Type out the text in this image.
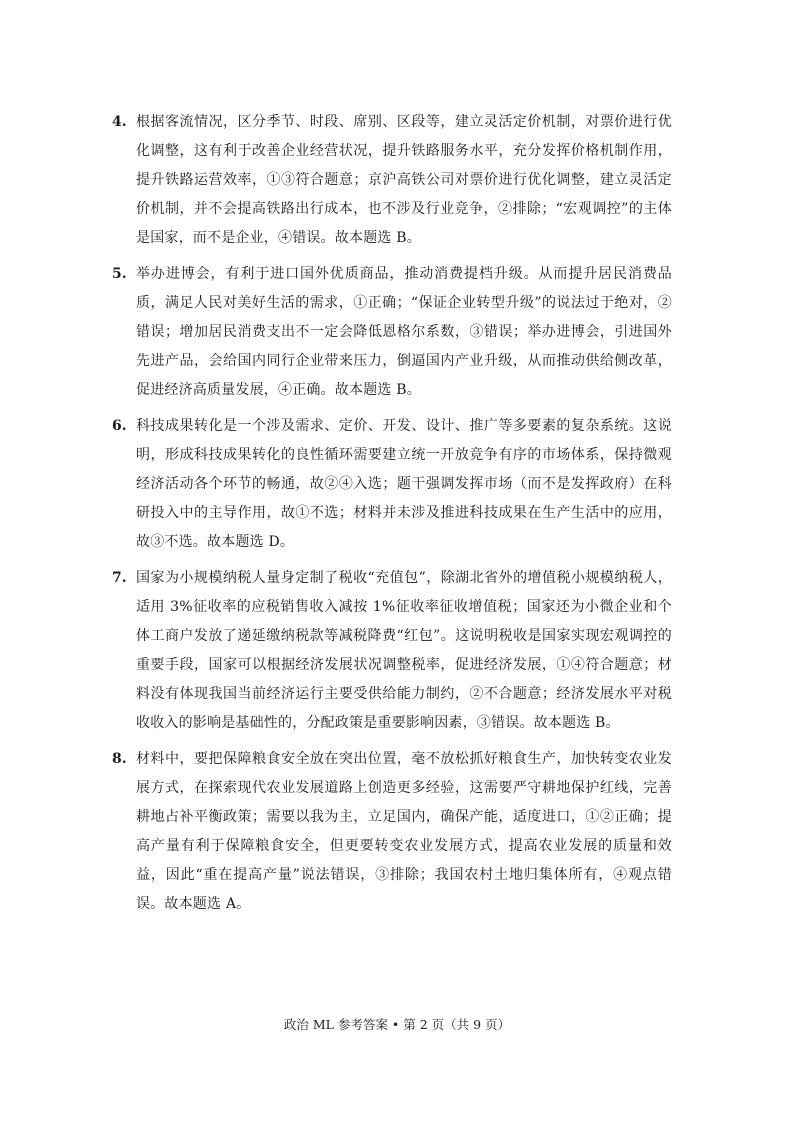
4. 根据客流情况，区分季节、时段、席别、区段等，建立灵活定价机制，对票价进行优化调整，这有利于改善企业经营状况，提升铁路服务水平，充分发挥价格机制作用，提升铁路运营效率，①③符合题意；京沪高铁公司对票价进行优化调整，建立灵活定价机制，并不会提高铁路出行成本，也不涉及行业竞争，②排除；“宏观调控”的主体是国家，而不是企业，④错误。故本题选 B。

5. 举办进博会，有利于进口国外优质商品，推动消费提档升级。从而提升居民消费品质，满足人民对美好生活的需求，①正确；“保证企业转型升级”的说法过于绝对，②错误；增加居民消费支出不一定会降低恩格尔系数，③错误；举办进博会，引进国外先进产品，会给国内同行企业带来压力，倒逼国内产业升级，从而推动供给侧改革，促进经济高质量发展，④正确。故本题选 B。

6. 科技成果转化是一个涉及需求、定价、开发、设计、推广等多要素的复杂系统。这说明，形成科技成果转化的良性循环需要建立统一开放竞争有序的市场体系，保持微观经济活动各个环节的畅通，故②④入选；题干强调发挥市场（而不是发挥政府）在科研投入中的主导作用，故①不选；材料并未涉及推进科技成果在生产生活中的应用，故③不选。故本题选 D。

7. 国家为小规模纳税人量身定制了税收“充值包”，除湖北省外的增值税小规模纳税人，适用 3%征收率的应税销售收入减按 1%征收率征收增值税；国家还为小微企业和个体工商户发放了递延缴纳税款等减税降费“红包”。这说明税收是国家实现宏观调控的重要手段，国家可以根据经济发展状况调整税率，促进经济发展，①④符合题意；材料没有体现我国当前经济运行主要受供给能力制约，②不合题意；经济发展水平对税收收入的影响是基础性的，分配政策是重要影响因素，③错误。故本题选 B。

8. 材料中，要把保障粮食安全放在突出位置，毫不放松抓好粮食生产，加快转变农业发展方式，在探索现代农业发展道路上创造更多经验，这需要严守耕地保护红线，完善耕地占补平衡政策；需要以我为主，立足国内，确保产能，适度进口，①②正确；提高产量有利于保障粮食安全，但更要转变农业发展方式，提高农业发展的质量和效益，因此“重在提高产量”说法错误，③排除；我国农村土地归集体所有，④观点错误。故本题选 A。

政治 ML 参考答案 • 第 2 页（共 9 页）
